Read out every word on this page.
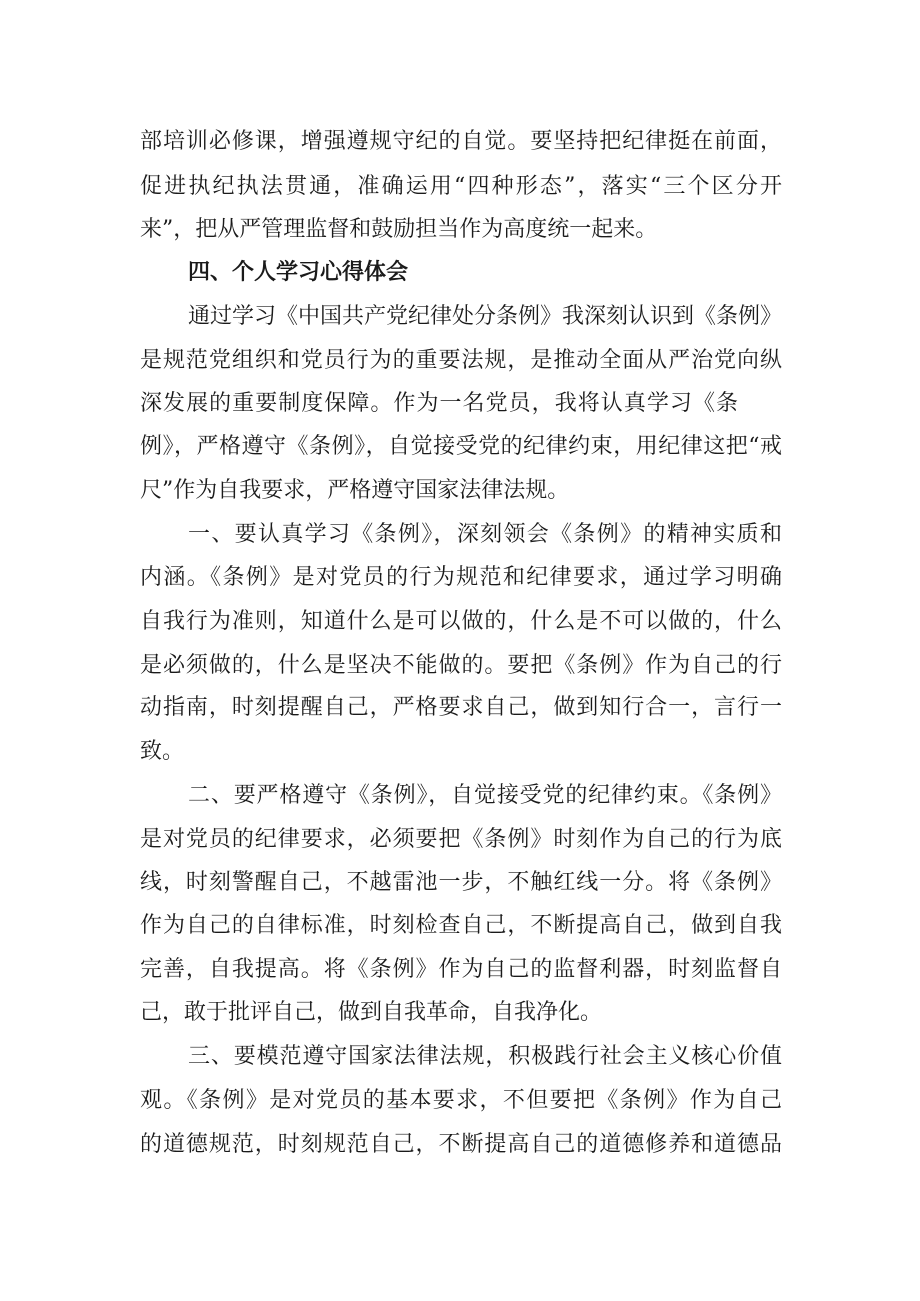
部培训必修课，增强遵规守纪的自觉。要坚持把纪律挺在前面，
促进执纪执法贯通，准确运用“四种形态”，落实“三个区分开
来”，把从严管理监督和鼓励担当作为高度统一起来。
四、个人学习心得体会
通过学习《中国共产党纪律处分条例》我深刻认识到《条例》
是规范党组织和党员行为的重要法规，是推动全面从严治党向纵
深发展的重要制度保障。作为一名党员，我将认真学习《条
例》，严格遵守《条例》，自觉接受党的纪律约束，用纪律这把“戒
尺”作为自我要求，严格遵守国家法律法规。
一、要认真学习《条例》，深刻领会《条例》的精神实质和
内涵。《条例》是对党员的行为规范和纪律要求，通过学习明确
自我行为准则，知道什么是可以做的，什么是不可以做的，什么
是必须做的，什么是坚决不能做的。要把《条例》作为自己的行
动指南，时刻提醒自己，严格要求自己，做到知行合一，言行一
致。
二、要严格遵守《条例》，自觉接受党的纪律约束。《条例》
是对党员的纪律要求，必须要把《条例》时刻作为自己的行为底
线，时刻警醒自己，不越雷池一步，不触红线一分。将《条例》
作为自己的自律标准，时刻检查自己，不断提高自己，做到自我
完善，自我提高。将《条例》作为自己的监督利器，时刻监督自
己，敢于批评自己，做到自我革命，自我净化。
三、要模范遵守国家法律法规，积极践行社会主义核心价值
观。《条例》是对党员的基本要求，不但要把《条例》作为自己
的道德规范，时刻规范自己，不断提高自己的道德修养和道德品
